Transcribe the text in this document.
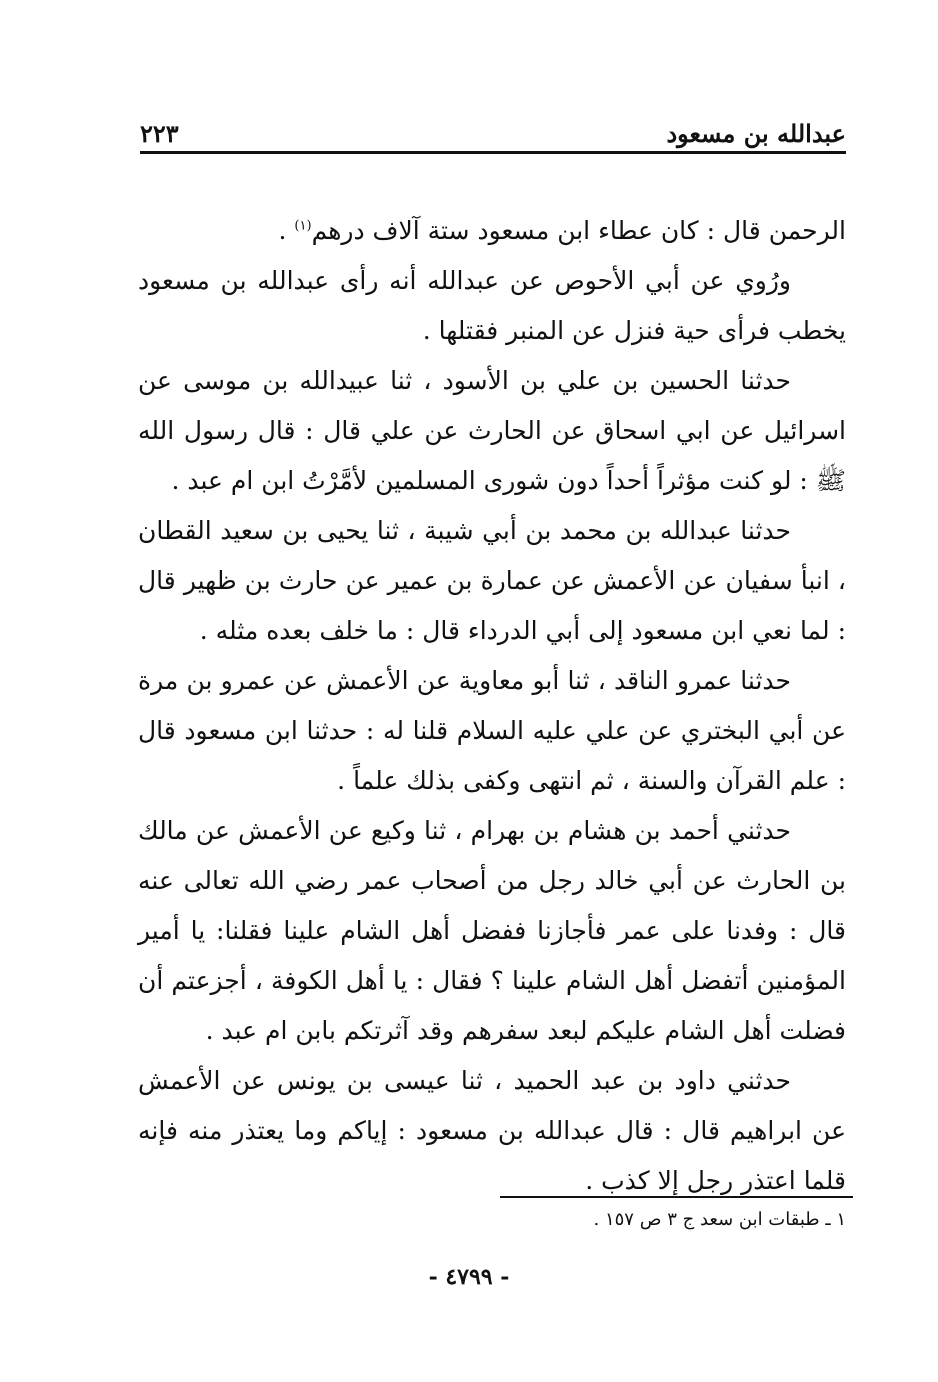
عبدالله بن مسعود
٢٢٣

الرحمن قال : كان عطاء ابن مسعود ستة آلاف درهم$^{(١)}$ .

ورُوي عن أبي الأحوص عن عبدالله أنه رأى عبدالله بن مسعود يخطب فرأى حية فنزل عن المنبر فقتلها .

حدثنا الحسين بن علي بن الأسود ، ثنا عبيدالله بن موسى عن اسرائيل عن ابي اسحاق عن الحارث عن علي قال : قال رسول الله ﷺ : لو كنت مؤثراً أحداً دون شورى المسلمين لأمَّرْتُ ابن ام عبد .

حدثنا عبدالله بن محمد بن أبي شيبة ، ثنا يحيى بن سعيد القطان ، انبأ سفيان عن الأعمش عن عمارة بن عمير عن حارث بن ظهير قال : لما نعي ابن مسعود إلى أبي الدرداء قال : ما خلف بعده مثله .

حدثنا عمرو الناقد ، ثنا أبو معاوية عن الأعمش عن عمرو بن مرة عن أبي البختري عن علي عليه السلام قلنا له : حدثنا ابن مسعود قال : علم القرآن والسنة ، ثم انتهى وكفى بذلك علماً .

حدثني أحمد بن هشام بن بهرام ، ثنا وكيع عن الأعمش عن مالك بن الحارث عن أبي خالد رجل من أصحاب عمر رضي الله تعالى عنه قال : وفدنا على عمر فأجازنا ففضل أهل الشام علينا فقلنا: يا أمير المؤمنين أتفضل أهل الشام علينا ؟ فقال : يا أهل الكوفة ، أجزعتم أن فضلت أهل الشام عليكم لبعد سفرهم وقد آثرتكم بابن ام عبد .

حدثني داود بن عبد الحميد ، ثنا عيسى بن يونس عن الأعمش عن ابراهيم قال : قال عبدالله بن مسعود : إياكم وما يعتذر منه فإنه قلما اعتذر رجل إلا كذب .

١ ـ طبقات ابن سعد ج ٣ ص ١٥٧ .
- ٤٧٩٩ -
